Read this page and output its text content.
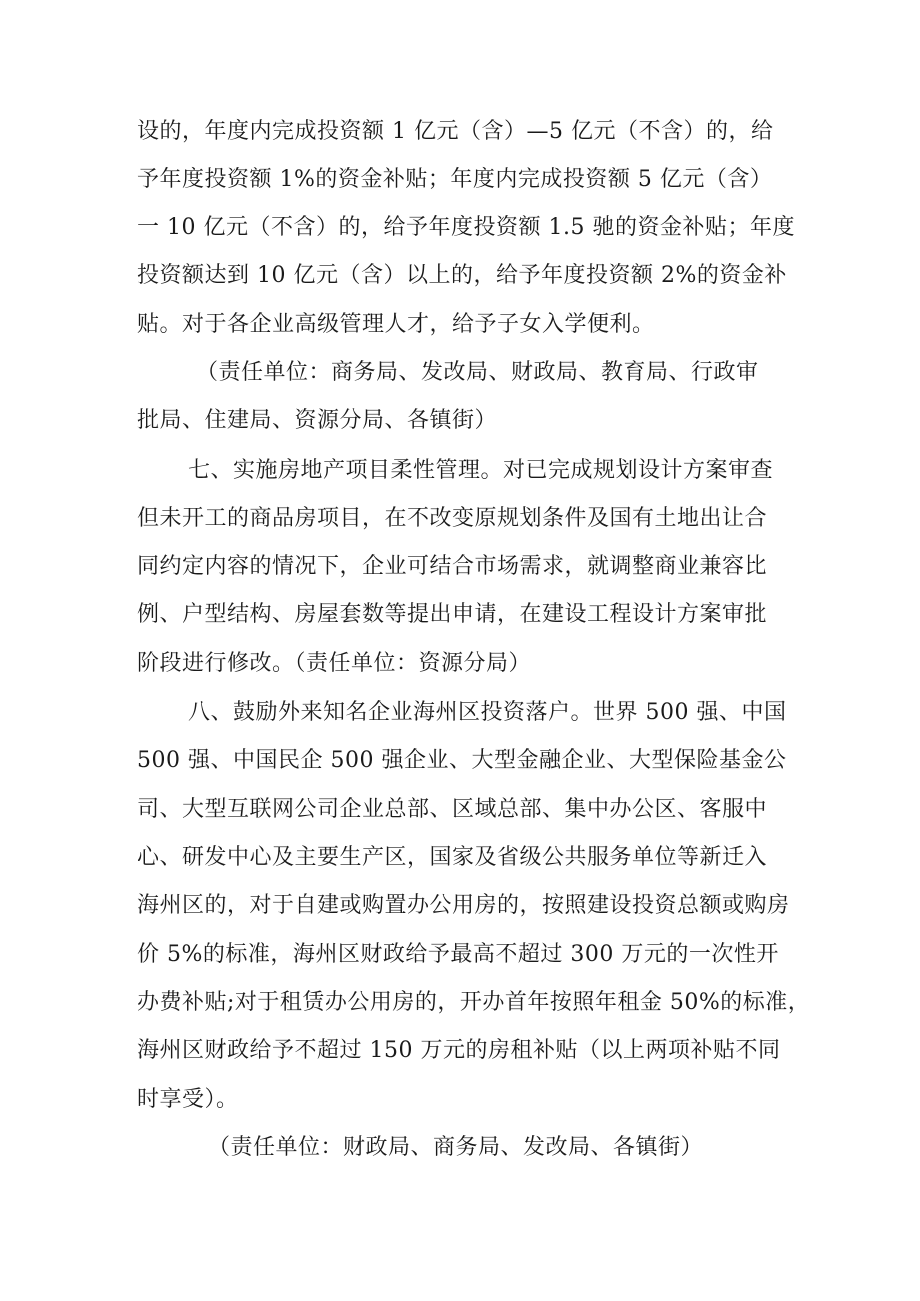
设的，年度内完成投资额 1 亿元（含）—5 亿元（不含）的，给
予年度投资额 1%的资金补贴；年度内完成投资额 5 亿元（含）
一 10 亿元（不含）的，给予年度投资额 1.5 驰的资金补贴；年度
投资额达到 10 亿元（含）以上的，给予年度投资额 2%的资金补
贴。对于各企业高级管理人才，给予子女入学便利。
（责任单位：商务局、发改局、财政局、教育局、行政审
批局、住建局、资源分局、各镇街）
七、实施房地产项目柔性管理。对已完成规划设计方案审查
但未开工的商品房项目，在不改变原规划条件及国有土地出让合
同约定内容的情况下，企业可结合市场需求，就调整商业兼容比
例、户型结构、房屋套数等提出申请，在建设工程设计方案审批
阶段进行修改。（责任单位：资源分局）
八、鼓励外来知名企业海州区投资落户。世界 500 强、中国
500 强、中国民企 500 强企业、大型金融企业、大型保险基金公
司、大型互联网公司企业总部、区域总部、集中办公区、客服中
心、研发中心及主要生产区，国家及省级公共服务单位等新迁入
海州区的，对于自建或购置办公用房的，按照建设投资总额或购房
价 5%的标准，海州区财政给予最高不超过 300 万元的一次性开
办费补贴;对于租赁办公用房的，开办首年按照年租金 50%的标准，
海州区财政给予不超过 150 万元的房租补贴（以上两项补贴不同
时享受）。
（责任单位：财政局、商务局、发改局、各镇街）
